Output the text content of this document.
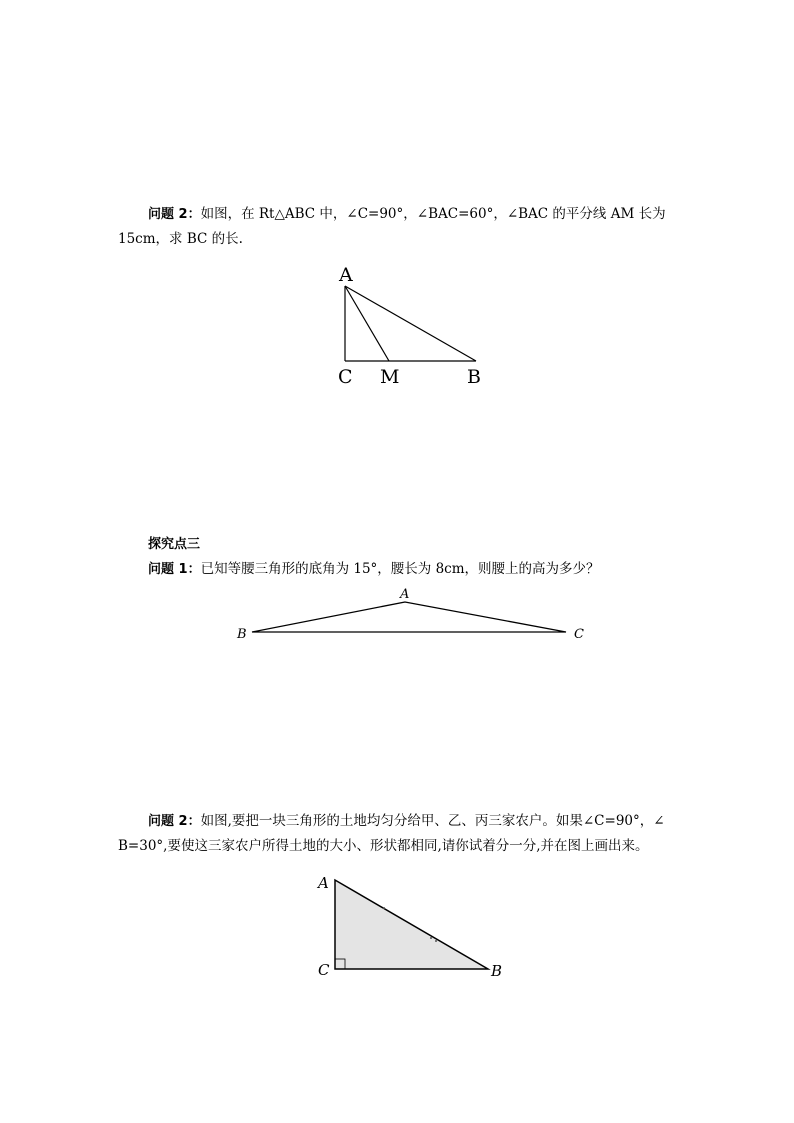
问题 2：如图，在 Rt△ABC 中，∠C=90°，∠BAC=60°，∠BAC 的平分线 AM 长为
15cm，求 BC 的长.
A
C M	B
探究点三
问题 1：已知等腰三角形的底角为 15°，腰长为 8cm，则腰上的高为多少？
A
B	C
问题 2：如图,要把一块三角形的土地均匀分给甲、乙、丙三家农户。如果∠C=90°，∠
B=30°,要使这三家农户所得土地的大小、形状都相同,请你试着分一分,并在图上画出来。
A
C	B
